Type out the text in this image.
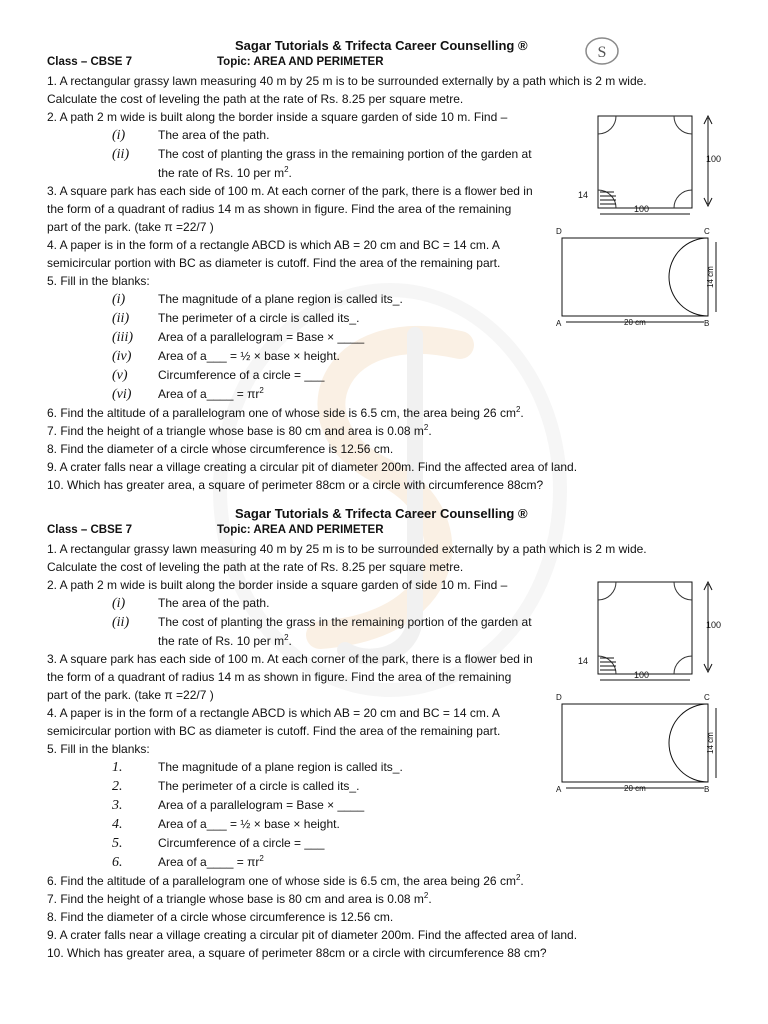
Sagar Tutorials & Trifecta Career Counselling ®
Class – CBSE 7	Topic: AREA AND PERIMETER
1. A rectangular grassy lawn measuring 40 m by 25 m is to be surrounded externally by a path which is 2 m wide.
Calculate the cost of leveling the path at the rate of Rs. 8.25 per square metre.
2. A path 2 m wide is built along the border inside a square garden of side 10 m. Find –
(i)	The area of the path.
(ii) The cost of planting the grass in the remaining portion of the garden at
the rate of Rs. 10 per $m^2$.
3. A square park has each side of 100 m. At each corner of the park, there is a flower bed in
the form of a quadrant of radius 14 m as shown in figure. Find the area of the remaining
part of the park. (take π =22/7 )
4. A paper is in the form of a rectangle ABCD is which AB = 20 cm and BC = 14 cm. A
semicircular portion with BC as diameter is cutoff. Find the area of the remaining part.
5. Fill in the blanks:
(i)	The magnitude of a plane region is called its_.
(ii) The perimeter of a circle is called its_.
(iii) Area of a parallelogram = Base × ____
(iv) Area of a___ = ½ × base × height.
(v)	Circumference of a circle = ___
(vi) Area of a____ = $\pi r^2$
6. Find the altitude of a parallelogram one of whose side is 6.5 cm, the area being 26 $cm^2$.
7. Find the height of a triangle whose base is 80 cm and area is 0.08 $m^2$.
8. Find the diameter of a circle whose circumference is 12.56 cm.
9. A crater falls near a village creating a circular pit of diameter 200m. Find the affected area of land.
10. Which has greater area, a square of perimeter 88cm or a circle with circumference 88cm?
Sagar Tutorials & Trifecta Career Counselling ®
Class – CBSE 7	Topic: AREA AND PERIMETER
1. A rectangular grassy lawn measuring 40 m by 25 m is to be surrounded externally by a path which is 2 m wide.
Calculate the cost of leveling the path at the rate of Rs. 8.25 per square metre.
2. A path 2 m wide is built along the border inside a square garden of side 10 m. Find –
(i)	The area of the path.
(ii) The cost of planting the grass in the remaining portion of the garden at
the rate of Rs. 10 per $m^2$.
3. A square park has each side of 100 m. At each corner of the park, there is a flower bed in
the form of a quadrant of radius 14 m as shown in figure. Find the area of the remaining
part of the park. (take π =22/7 )
4. A paper is in the form of a rectangle ABCD is which AB = 20 cm and BC = 14 cm. A
semicircular portion with BC as diameter is cutoff. Find the area of the remaining part.
5. Fill in the blanks:
1.	The magnitude of a plane region is called its_.
2.	The perimeter of a circle is called its_.
3.	Area of a parallelogram = Base × ____
4.	Area of a___ = ½ × base × height.
5.	Circumference of a circle = ___
6.	Area of a____ = $\pi r^2$
6. Find the altitude of a parallelogram one of whose side is 6.5 cm, the area being 26 $cm^2$.
7. Find the height of a triangle whose base is 80 cm and area is 0.08 $m^2$.
8. Find the diameter of a circle whose circumference is 12.56 cm.
9. A crater falls near a village creating a circular pit of diameter 200m. Find the affected area of land.
10. Which has greater area, a square of perimeter 88cm or a circle with circumference 88 cm?
S
100
100
14
D	C
A	B
20 cm
14 cm
100
100
14
D	C
A	B
20 cm
14 cm
